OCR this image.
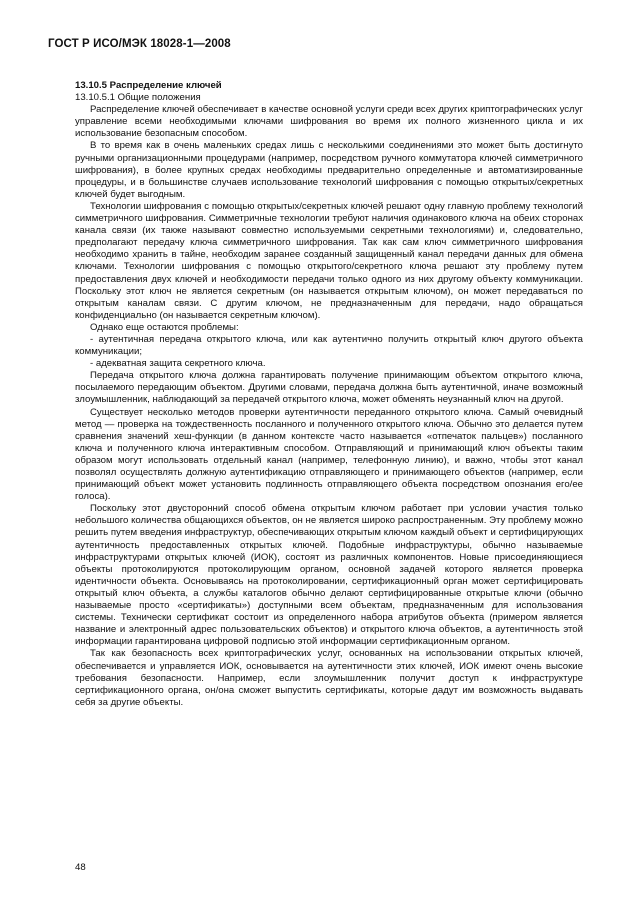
ГОСТ Р ИСО/МЭК 18028-1—2008
13.10.5 Распределение ключей

13.10.5.1 Общие положения

Распределение ключей обеспечивает в качестве основной услуги среди всех других криптографических услуг управление всеми необходимыми ключами шифрования во время их полного жизненного цикла и их использование безопасным способом.

В то время как в очень маленьких средах лишь с несколькими соединениями это может быть достигнуто ручными организационными процедурами (например, посредством ручного коммутатора ключей симметричного шифрования), в более крупных средах необходимы предварительно определенные и автоматизированные процедуры, и в большинстве случаев использование технологий шифрования с помощью открытых/секретных ключей будет выгодным.

Технологии шифрования с помощью открытых/секретных ключей решают одну главную проблему технологий симметричного шифрования. Симметричные технологии требуют наличия одинакового ключа на обеих сторонах канала связи (их также называют совместно используемыми секретными технологиями) и, следовательно, предполагают передачу ключа симметричного шифрования. Так как сам ключ симметричного шифрования необходимо хранить в тайне, необходим заранее созданный защищенный канал передачи данных для обмена ключами. Технологии шифрования с помощью открытого/секретного ключа решают эту проблему путем предоставления двух ключей и необходимости передачи только одного из них другому объекту коммуникации. Поскольку этот ключ не является секретным (он называется открытым ключом), он может передаваться по открытым каналам связи. С другим ключом, не предназначенным для передачи, надо обращаться конфиденциально (он называется секретным ключом).

Однако еще остаются проблемы:

- аутентичная передача открытого ключа, или как аутентично получить открытый ключ другого объекта коммуникации;

- адекватная защита секретного ключа.

Передача открытого ключа должна гарантировать получение принимающим объектом открытого ключа, посылаемого передающим объектом. Другими словами, передача должна быть аутентичной, иначе возможный злоумышленник, наблюдающий за передачей открытого ключа, может обменять неузнанный ключ на другой.

Существует несколько методов проверки аутентичности переданного открытого ключа. Самый очевидный метод — проверка на тождественность посланного и полученного открытого ключа. Обычно это делается путем сравнения значений хеш-функции (в данном контексте часто называется «отпечаток пальцев») посланного ключа и полученного ключа интерактивным способом. Отправляющий и принимающий ключ объекты таким образом могут использовать отдельный канал (например, телефонную линию), и важно, чтобы этот канал позволял осуществлять должную аутентификацию отправляющего и принимающего объектов (например, если принимающий объект может установить подлинность отправляющего объекта посредством опознания его/ее голоса).

Поскольку этот двусторонний способ обмена открытым ключом работает при условии участия только небольшого количества общающихся объектов, он не является широко распространенным. Эту проблему можно решить путем введения инфраструктур, обеспечивающих открытым ключом каждый объект и сертифицирующих аутентичность предоставленных открытых ключей. Подобные инфраструктуры, обычно называемые инфраструктурами открытых ключей (ИОК), состоят из различных компонентов. Новые присоединяющиеся объекты протоколируются протоколирующим органом, основной задачей которого является проверка идентичности объекта. Основываясь на протоколировании, сертификационный орган может сертифицировать открытый ключ объекта, а службы каталогов обычно делают сертифицированные открытые ключи (обычно называемые просто «сертификаты») доступными всем объектам, предназначенным для использования системы. Технически сертификат состоит из определенного набора атрибутов объекта (примером является название и электронный адрес пользовательских объектов) и открытого ключа объектов, а аутентичность этой информации гарантирована цифровой подписью этой информации сертификационным органом.

Так как безопасность всех криптографических услуг, основанных на использовании открытых ключей, обеспечивается и управляется ИОК, основывается на аутентичности этих ключей, ИОК имеют очень высокие требования безопасности. Например, если злоумышленник получит доступ к инфраструктуре сертификационного органа, он/она сможет выпустить сертификаты, которые дадут им возможность выдавать себя за другие объекты.

48
